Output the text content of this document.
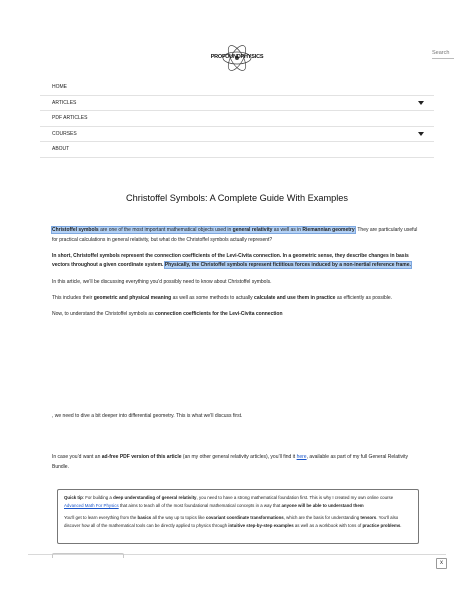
PROFOUNDPHYSICS
Search
HOME
ARTICLES
PDF ARTICLES
COURSES
ABOUT
Christoffel Symbols: A Complete Guide With Examples

Christoffel symbols are one of the most important mathematical objects used in general relativity as well as in Riemannian geometry. They are particularly useful for practical calculations in general relativity, but what do the Christoffel symbols actually represent?

In short, Christoffel symbols represent the connection coefficients of the Levi-Civita connection. In a geometric sense, they describe changes in basis vectors throughout a given coordinate system. Physically, the Christoffel symbols represent fictitious forces induced by a non-inertial reference frame.

In this article, we’ll be discussing everything you’d possibly need to know about Christoffel symbols.

This includes their geometric and physical meaning as well as some methods to actually calculate and use them in practice as efficiently as possible.

Now, to understand the Christoffel symbols as connection coefficients for the Levi-Civita connection

, we need to dive a bit deeper into differential geometry. This is what we’ll discuss first.

In case you’d want an ad-free PDF version of this article (an my other general relativity articles), you’ll find it here, available as part of my full General Relativity Bundle.

Quick tip: For building a deep understanding of general relativity, you need to have a strong mathematical foundation first. This is why I created my own online course Advanced Math For Physics that aims to teach all of the most foundational mathematical concepts in a way that anyone will be able to understand them

You’ll get to learn everything from the basics all the way up to topics like covariant coordinate transformations, which are the basis for understanding tensors. You’ll also discover how all of the mathematical tools can be directly applied to physics through intuitive step-by-step examples as well as a workbook with tons of practice problems.

x
